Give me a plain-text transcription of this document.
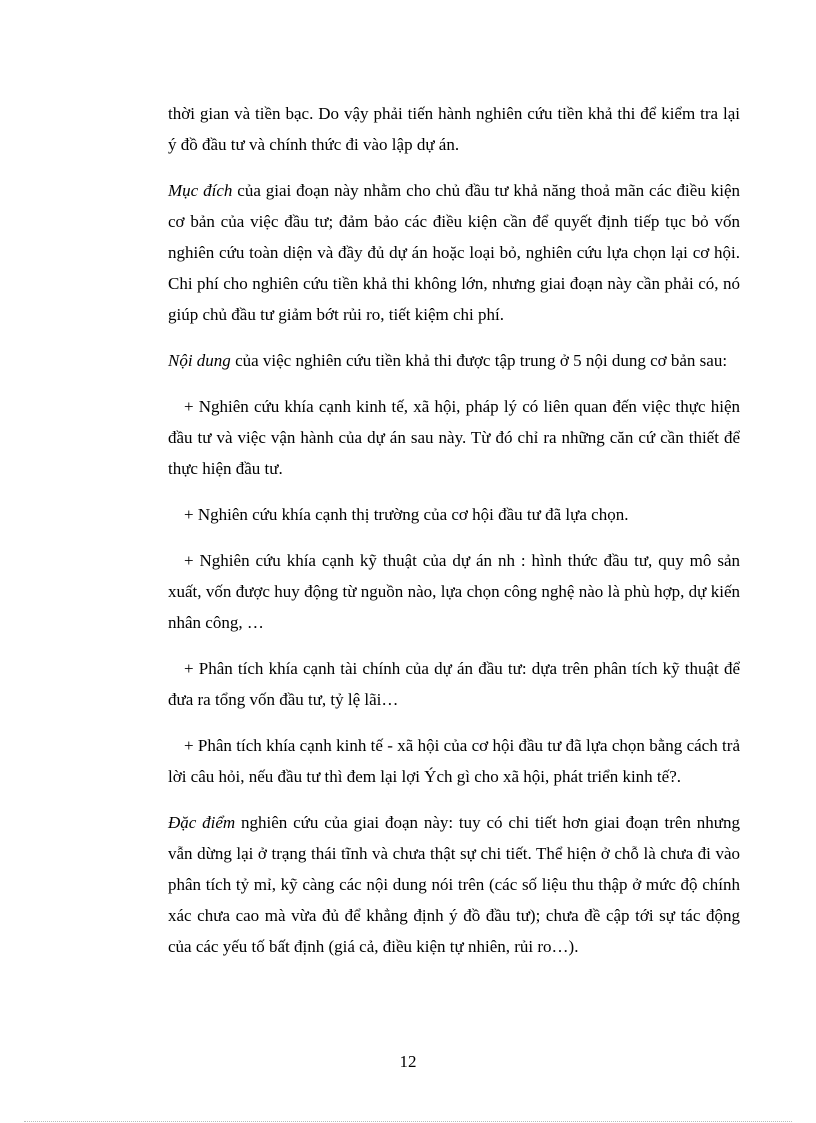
thời gian và tiền bạc. Do vậy phải tiến hành nghiên cứu tiền khả thi để kiểm tra lại ý đồ đầu tư và chính thức đi vào lập dự án.

Mục đích của giai đoạn này nhằm cho chủ đầu tư khả năng thoả mãn các điều kiện cơ bản của việc đầu tư; đảm bảo các điều kiện cần để quyết định tiếp tục bỏ vốn nghiên cứu toàn diện và đầy đủ dự án hoặc loại bỏ, nghiên cứu lựa chọn lại cơ hội. Chi phí cho nghiên cứu tiền khả thi không lớn, nhưng giai đoạn này cần phải có, nó giúp chủ đầu tư giảm bớt rủi ro, tiết kiệm chi phí.

Nội dung của việc nghiên cứu tiền khả thi được tập trung ở 5 nội dung cơ bản sau:

+ Nghiên cứu khía cạnh kinh tế, xã hội, pháp lý có liên quan đến việc thực hiện đầu tư và việc vận hành của dự án sau này. Từ đó chỉ ra những căn cứ cần thiết để thực hiện đầu tư.

+ Nghiên cứu khía cạnh thị trường của cơ hội đầu tư đã lựa chọn.

+ Nghiên cứu khía cạnh kỹ thuật của dự án nh : hình thức đầu tư, quy mô sản xuất, vốn được huy động từ nguồn nào, lựa chọn công nghệ nào là phù hợp, dự kiến nhân công, …

+ Phân tích khía cạnh tài chính của dự án đầu tư: dựa trên phân tích kỹ thuật để đưa ra tổng vốn đầu tư, tỷ lệ lãi…

+ Phân tích khía cạnh kinh tế - xã hội của cơ hội đầu tư đã lựa chọn bằng cách trả lời câu hỏi, nếu đầu tư thì đem lại lợi Ých gì cho xã hội, phát triển kinh tế?.

Đặc điểm nghiên cứu của giai đoạn này: tuy có chi tiết hơn giai đoạn trên nhưng vẫn dừng lại ở trạng thái tĩnh và chưa thật sự chi tiết. Thể hiện ở chỗ là chưa đi vào phân tích tỷ mỉ, kỹ càng các nội dung nói trên (các số liệu thu thập ở mức độ chính xác chưa cao mà vừa đủ để khẳng định ý đồ đầu tư); chưa đề cập tới sự tác động của các yếu tố bất định (giá cả, điều kiện tự nhiên, rủi ro…).

12
